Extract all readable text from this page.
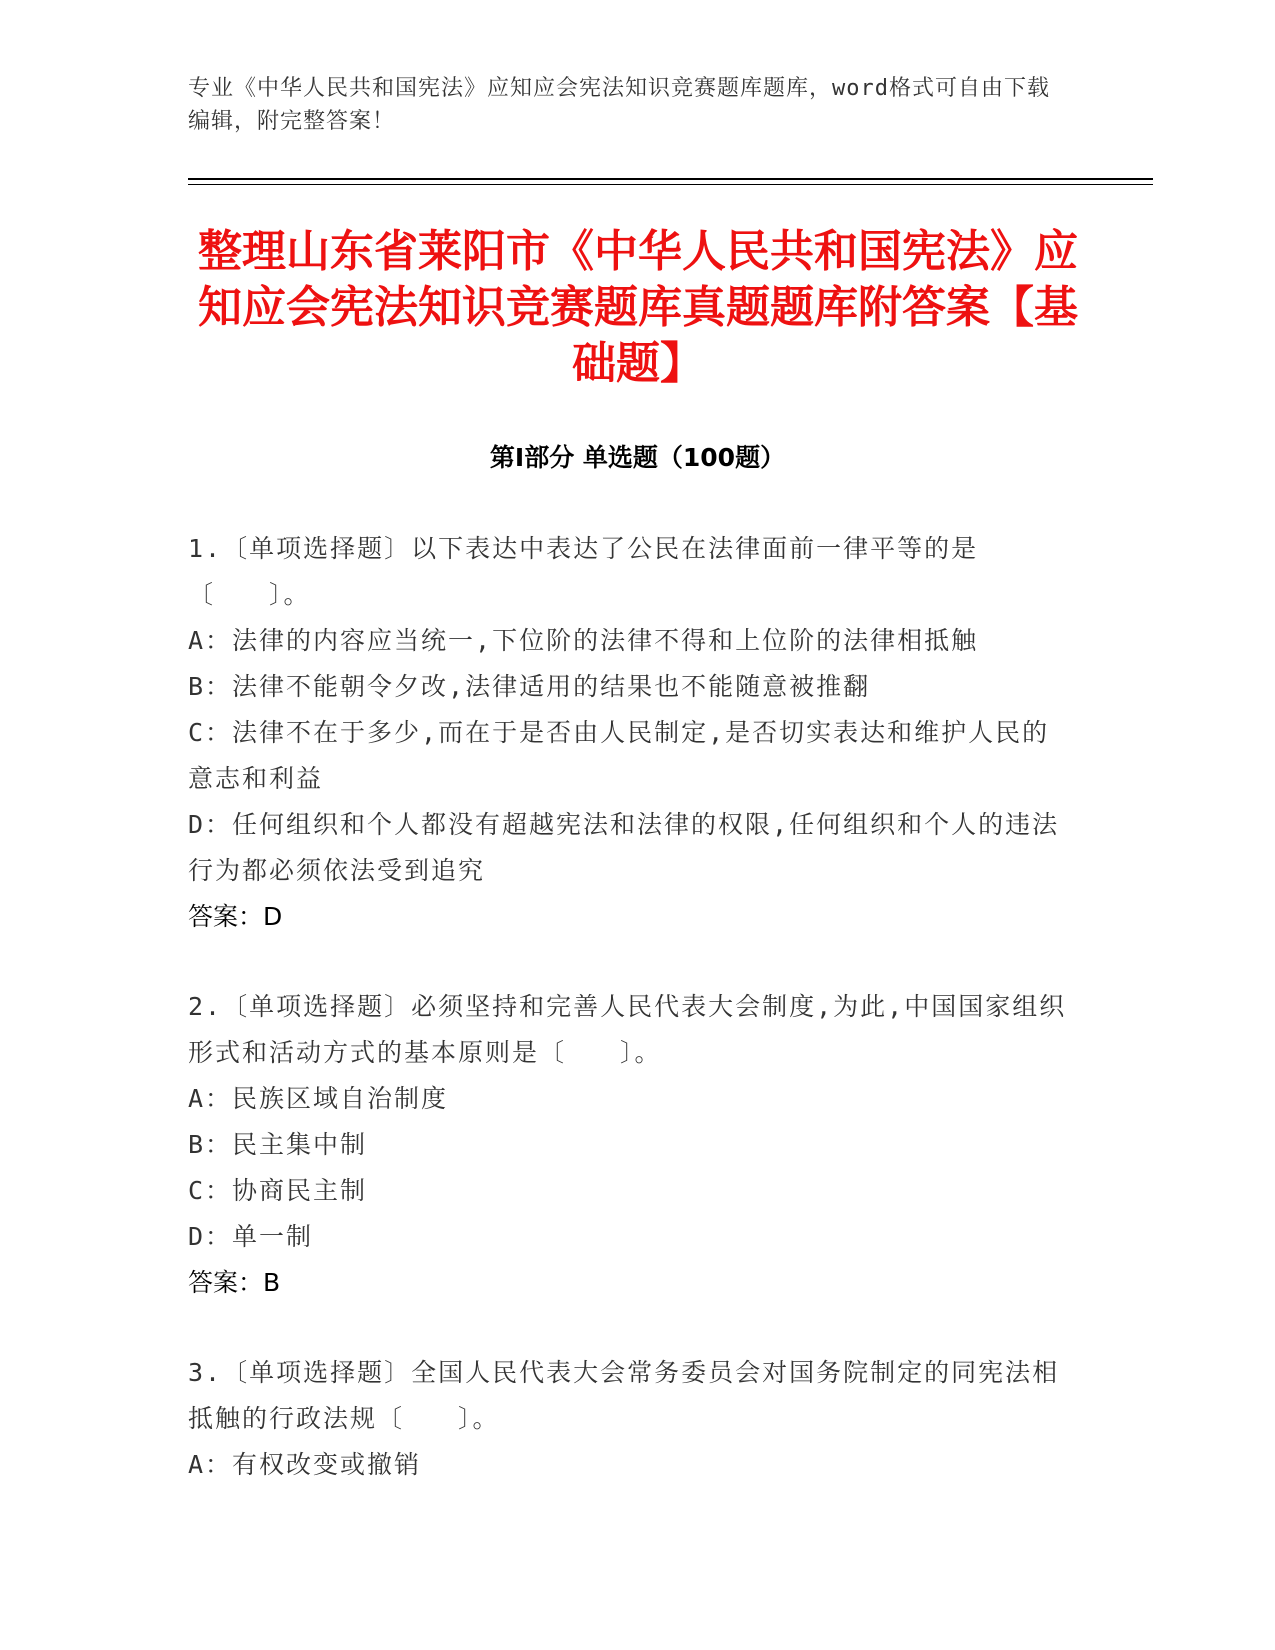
专业《中华人民共和国宪法》应知应会宪法知识竞赛题库题库，word格式可自由下载编辑，附完整答案！
整理山东省莱阳市《中华人民共和国宪法》应知应会宪法知识竞赛题库真题题库附答案【基础题】
第Ⅰ部分 单选题（100题）
1.〔单项选择题〕以下表达中表达了公民在法律面前一律平等的是〔　　〕。
A：法律的内容应当统一,下位阶的法律不得和上位阶的法律相抵触
B：法律不能朝令夕改,法律适用的结果也不能随意被推翻
C：法律不在于多少,而在于是否由人民制定,是否切实表达和维护人民的意志和利益
D：任何组织和个人都没有超越宪法和法律的权限,任何组织和个人的违法行为都必须依法受到追究
答案：D
2.〔单项选择题〕必须坚持和完善人民代表大会制度,为此,中国国家组织形式和活动方式的基本原则是〔　　〕。
A：民族区域自治制度
B：民主集中制
C：协商民主制
D：单一制
答案：B
3.〔单项选择题〕全国人民代表大会常务委员会对国务院制定的同宪法相抵触的行政法规〔　　〕。
A：有权改变或撤销
